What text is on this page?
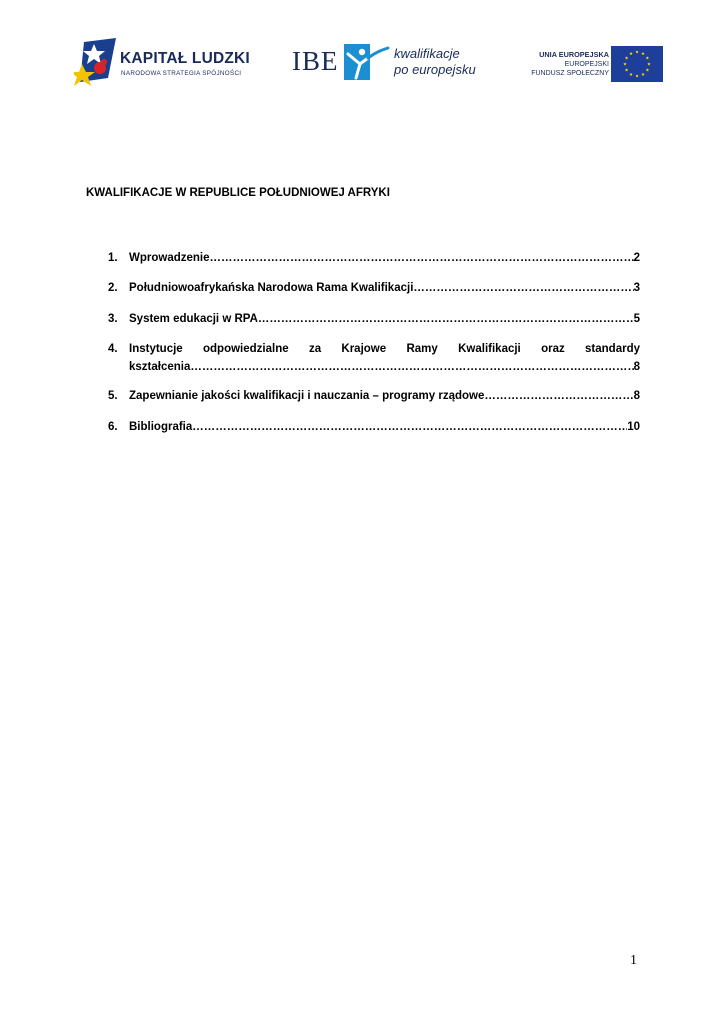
KAPITAŁ LUDZKI
NARODOWA STRATEGIA SPÓJNOŚCI IBE	kwalifikacje
po europejsku
UNIA EUROPEJSKA
EUROPEJSKI
FUNDUSZ SPOŁECZNY
KWALIFIKACJE W REPUBLICE POŁUDNIOWEJ AFRYKI
1. Wprowadzenie ……………………………………………………………………………………………………………………………………………………………	2
2. Południowoafrykańska Narodowa Rama Kwalifikacji ……………………………………………………………………………………………………………………………………………………………	3
3. System edukacji w RPA ……………………………………………………………………………………………………………………………………………………………	5
4. Instytucje odpowiedzialne za Krajowe Ramy Kwalifikacji oraz standardy
kształcenia ……………………………………………………………………………………………………………………………………………………………	8
5. Zapewnianie jakości kwalifikacji i nauczania – programy rządowe ……………………………………………………………………………………………………………………………………………………………	8
6. Bibliografia ……………………………………………………………………………………………………………………………………………………………	10
1
